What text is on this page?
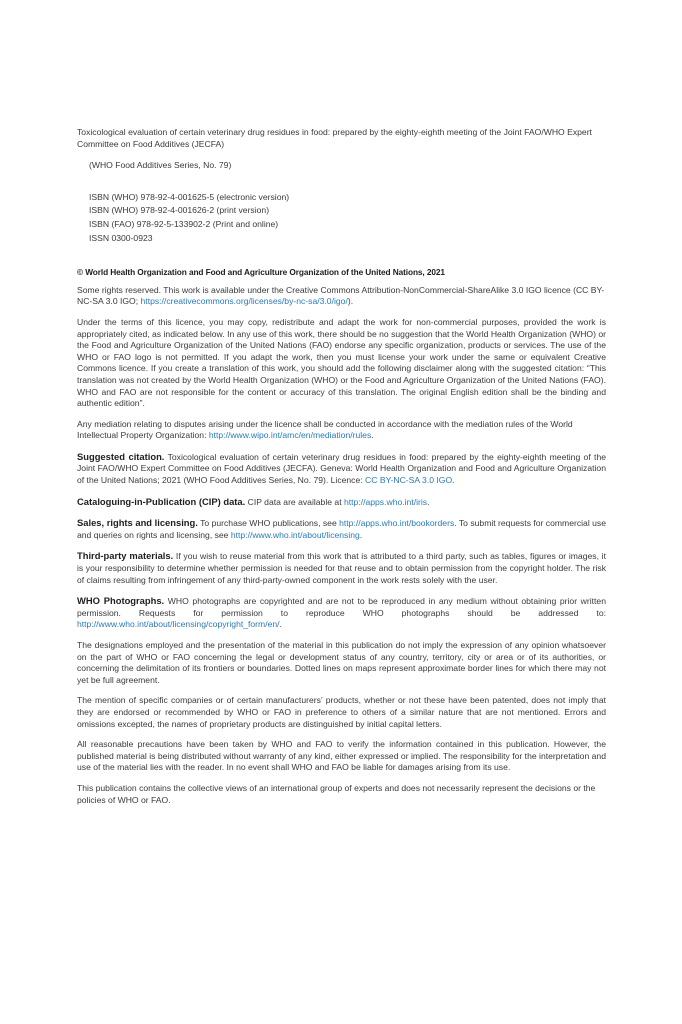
Toxicological evaluation of certain veterinary drug residues in food: prepared by the eighty-eighth meeting of the Joint FAO/WHO Expert Committee on Food Additives (JECFA)

(WHO Food Additives Series, No. 79)

ISBN (WHO) 978-92-4-001625-5 (electronic version)

ISBN (WHO) 978-92-4-001626-2 (print version)

ISBN (FAO) 978-92-5-133902-2 (Print and online)

ISSN 0300-0923

© World Health Organization and Food and Agriculture Organization of the United Nations, 2021

Some rights reserved. This work is available under the Creative Commons Attribution-NonCommercial-ShareAlike 3.0 IGO licence (CC BY-NC-SA 3.0 IGO; https://creativecommons.org/licenses/by-nc-sa/3.0/igo/).

Under the terms of this licence, you may copy, redistribute and adapt the work for non-commercial purposes, provided the work is appropriately cited, as indicated below. In any use of this work, there should be no suggestion that the World Health Organization (WHO) or the Food and Agriculture Organization of the United Nations (FAO) endorse any specific organization, products or services. The use of the WHO or FAO logo is not permitted. If you adapt the work, then you must license your work under the same or equivalent Creative Commons licence. If you create a translation of this work, you should add the following disclaimer along with the suggested citation: “This translation was not created by the World Health Organization (WHO) or the Food and Agriculture Organization of the United Nations (FAO). WHO and FAO are not responsible for the content or accuracy of this translation. The original English edition shall be the binding and authentic edition”.

Any mediation relating to disputes arising under the licence shall be conducted in accordance with the mediation rules of the World Intellectual Property Organization: http://www.wipo.int/amc/en/mediation/rules.

Suggested citation. Toxicological evaluation of certain veterinary drug residues in food: prepared by the eighty-eighth meeting of the Joint FAO/WHO Expert Committee on Food Additives (JECFA). Geneva: World Health Organization and Food and Agriculture Organization of the United Nations; 2021 (WHO Food Additives Series, No. 79). Licence: CC BY-NC-SA 3.0 IGO.

Cataloguing-in-Publication (CIP) data. CIP data are available at http://apps.who.int/iris.

Sales, rights and licensing. To purchase WHO publications, see http://apps.who.int/bookorders. To submit requests for commercial use and queries on rights and licensing, see http://www.who.int/about/licensing.

Third-party materials. If you wish to reuse material from this work that is attributed to a third party, such as tables, figures or images, it is your responsibility to determine whether permission is needed for that reuse and to obtain permission from the copyright holder. The risk of claims resulting from infringement of any third-party-owned component in the work rests solely with the user.

WHO Photographs. WHO photographs are copyrighted and are not to be reproduced in any medium without obtaining prior written permission. Requests for permission to reproduce WHO photographs should be addressed to: http://www.who.int/about/licensing/copyright_form/en/.

The designations employed and the presentation of the material in this publication do not imply the expression of any opinion whatsoever on the part of WHO or FAO concerning the legal or development status of any country, territory, city or area or of its authorities, or concerning the delimitation of its frontiers or boundaries. Dotted lines on maps represent approximate border lines for which there may not yet be full agreement.

The mention of specific companies or of certain manufacturers’ products, whether or not these have been patented, does not imply that they are endorsed or recommended by WHO or FAO in preference to others of a similar nature that are not mentioned. Errors and omissions excepted, the names of proprietary products are distinguished by initial capital letters.

All reasonable precautions have been taken by WHO and FAO to verify the information contained in this publication. However, the published material is being distributed without warranty of any kind, either expressed or implied. The responsibility for the interpretation and use of the material lies with the reader. In no event shall WHO and FAO be liable for damages arising from its use.

This publication contains the collective views of an international group of experts and does not necessarily represent the decisions or the policies of WHO or FAO.
